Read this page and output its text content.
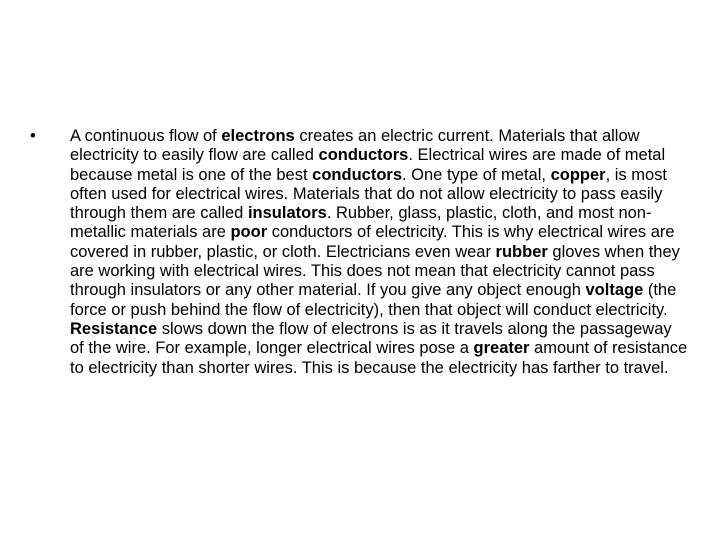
•	A continuous flow of electrons creates an electric current. Materials that allow electricity to easily flow are called conductors. Electrical wires are made of metal because metal is one of the best conductors. One type of metal, copper, is most often used for electrical wires. Materials that do not allow electricity to pass easily through them are called insulators. Rubber, glass, plastic, cloth, and most non-metallic materials are poor conductors of electricity. This is why electrical wires are covered in rubber, plastic, or cloth. Electricians even wear rubber gloves when they are working with electrical wires. This does not mean that electricity cannot pass through insulators or any other material. If you give any object enough voltage (the force or push behind the flow of electricity), then that object will conduct electricity. Resistance slows down the flow of electrons is as it travels along the passageway of the wire. For example, longer electrical wires pose a greater amount of resistance to electricity than shorter wires. This is because the electricity has farther to travel.
